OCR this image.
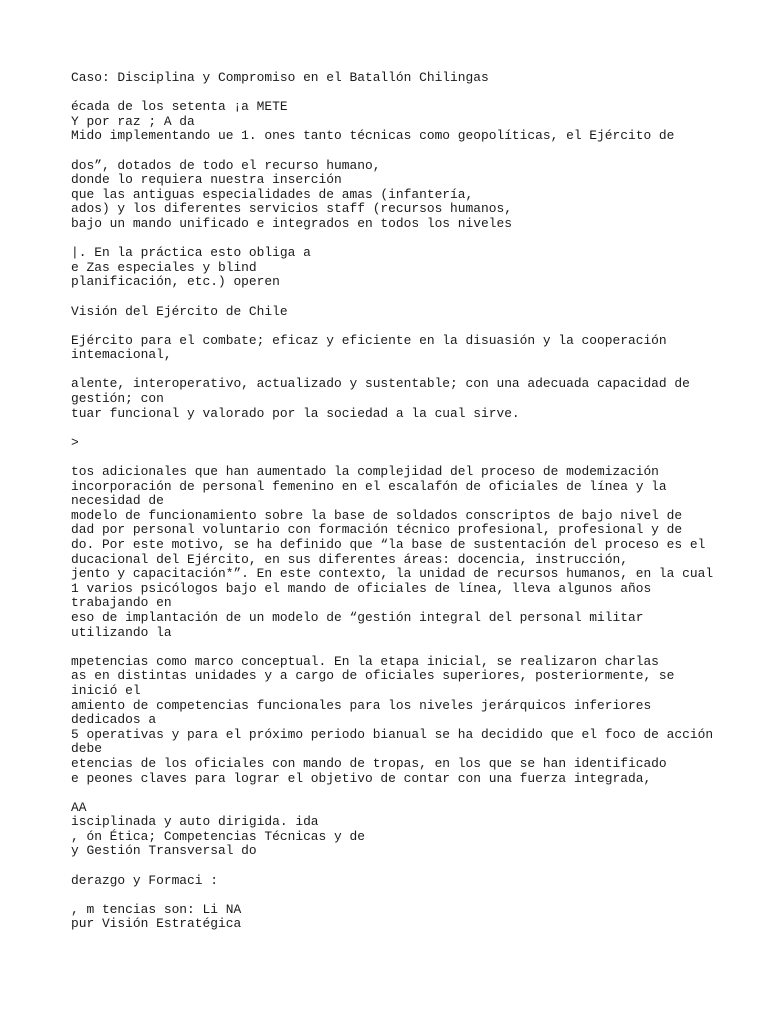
Caso: Disciplina y Compromiso en el Batallón Chilingas
écada de los setenta ¡a METE
Y por raz ; A da
Mido implementando ue 1. ones tanto técnicas como geopolíticas, el Ejército de
dos”, dotados de todo el recurso humano,
donde lo requiera nuestra inserción
que las antiguas especialidades de amas (infantería,
ados) y los diferentes servicios staff (recursos humanos,
bajo un mando unificado e integrados en todos los niveles
|. En la práctica esto obliga a
e Zas especiales y blind
planificación, etc.) operen
Visión del Ejército de Chile
Ejército para el combate; eficaz y eficiente en la disuasión y la cooperación
intemacional,
alente, interoperativo, actualizado y sustentable; con una adecuada capacidad de
gestión; con
tuar funcional y valorado por la sociedad a la cual sirve.
>
tos adicionales que han aumentado la complejidad del proceso de modemización
incorporación de personal femenino en el escalafón de oficiales de línea y la
necesidad de
modelo de funcionamiento sobre la base de soldados conscriptos de bajo nivel de
dad por personal voluntario con formación técnico profesional, profesional y de
do. Por este motivo, se ha definido que “la base de sustentación del proceso es el
ducacional del Ejército, en sus diferentes áreas: docencia, instrucción,
jento y capacitación*”. En este contexto, la unidad de recursos humanos, en la cual
1 varios psicólogos bajo el mando de oficiales de línea, lleva algunos años
trabajando en
eso de implantación de un modelo de “gestión integral del personal militar
utilizando la
mpetencias como marco conceptual. En la etapa inicial, se realizaron charlas
as en distintas unidades y a cargo de oficiales superiores, posteriormente, se
inició el
amiento de competencias funcionales para los niveles jerárquicos inferiores
dedicados a
5 operativas y para el próximo periodo bianual se ha decidido que el foco de acción
debe
etencias de los oficiales con mando de tropas, en los que se han identificado
e peones claves para lograr el objetivo de contar con una fuerza integrada,
AA
isciplinada y auto dirigida. ida
, ón Ética; Competencias Técnicas y de
y Gestión Transversal do
derazgo y Formaci :
, m tencias son: Li NA
pur Visión Estratégica
